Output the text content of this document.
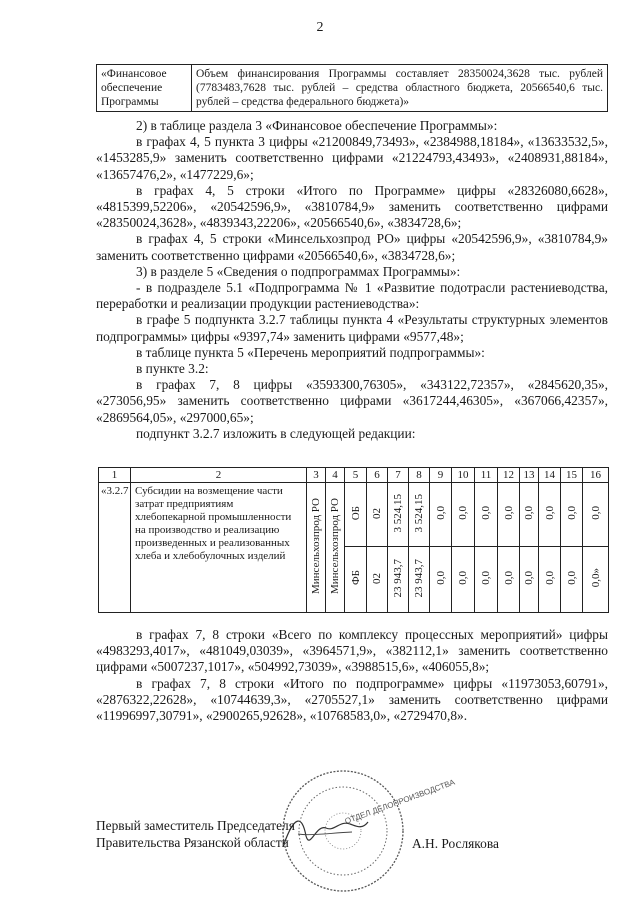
2
«Финансовое обеспечение Программы	Объем финансирования Программы составляет 28350024,3628 тыс. рублей (7783483,7628 тыс. рублей – средства областного бюджета, 20566540,6 тыс. рублей – средства федерального бюджета)»

2) в таблице раздела 3 «Финансовое обеспечение Программы»:

в графах 4, 5 пункта 3 цифры «21200849,73493», «2384988,18184», «13633532,5», «1453285,9» заменить соответственно цифрами «21224793,43493», «2408931,88184», «13657476,2», «1477229,6»;

в графах 4, 5 строки «Итого по Программе» цифры «28326080,6628», «4815399,52206», «20542596,9», «3810784,9» заменить соответственно цифрами «28350024,3628», «4839343,22206», «20566540,6», «3834728,6»;

в графах 4, 5 строки «Минсельхозпрод РО» цифры «20542596,9», «3810784,9» заменить соответственно цифрами «20566540,6», «3834728,6»;

3) в разделе 5 «Сведения о подпрограммах Программы»:

- в подразделе 5.1 «Подпрограмма № 1 «Развитие подотрасли растениеводства, переработки и реализации продукции растениеводства»:

в графе 5 подпункта 3.2.7 таблицы пункта 4 «Результаты структурных элементов подпрограммы» цифры «9397,74» заменить цифрами «9577,48»;

в таблице пункта 5 «Перечень мероприятий подпрограммы»:

в пункте 3.2:

в графах 7, 8 цифры «3593300,76305», «343122,72357», «2845620,35», «273056,95» заменить соответственно цифрами «3617244,46305», «367066,42357», «2869564,05», «297000,65»;

подпункт 3.2.7 изложить в следующей редакции:

1	2	3	4	5	6	7	8	9	10	11	12	13	14	15	16
«3.2.7	Субсидии на возмещение части затрат предприятиям хлебопекарной промышленности на производство и реализацию произведенных и реализованных хлеба и хлебобулочных изделий	Минсельхозпрод РО	Минсельхозпрод РО	ОБ	02	3 524,15	3 524,15	0,0	0,0	0,0	0,0	0,0	0,0	0,0	0,0
				ФБ	02	23 943,7	23 943,7	0,0	0,0	0,0	0,0	0,0	0,0	0,0	0,0»

в графах 7, 8 строки «Всего по комплексу процессных мероприятий» цифры «4983293,4017», «481049,03039», «3964571,9», «382112,1» заменить соответственно цифрами «5007237,1017», «504992,73039», «3988515,6», «406055,8»;

в графах 7, 8 строки «Итого по подпрограмме» цифры «11973053,60791», «2876322,22628», «10744639,3», «2705527,1» заменить соответственно цифрами «11996997,30791», «2900265,92628», «10768583,0», «2729470,8».

ОТДЕЛ ДЕЛОПРОИЗВОДСТВА
Первый заместитель Председателя
Правительства Рязанской области	А.Н. Рослякова
